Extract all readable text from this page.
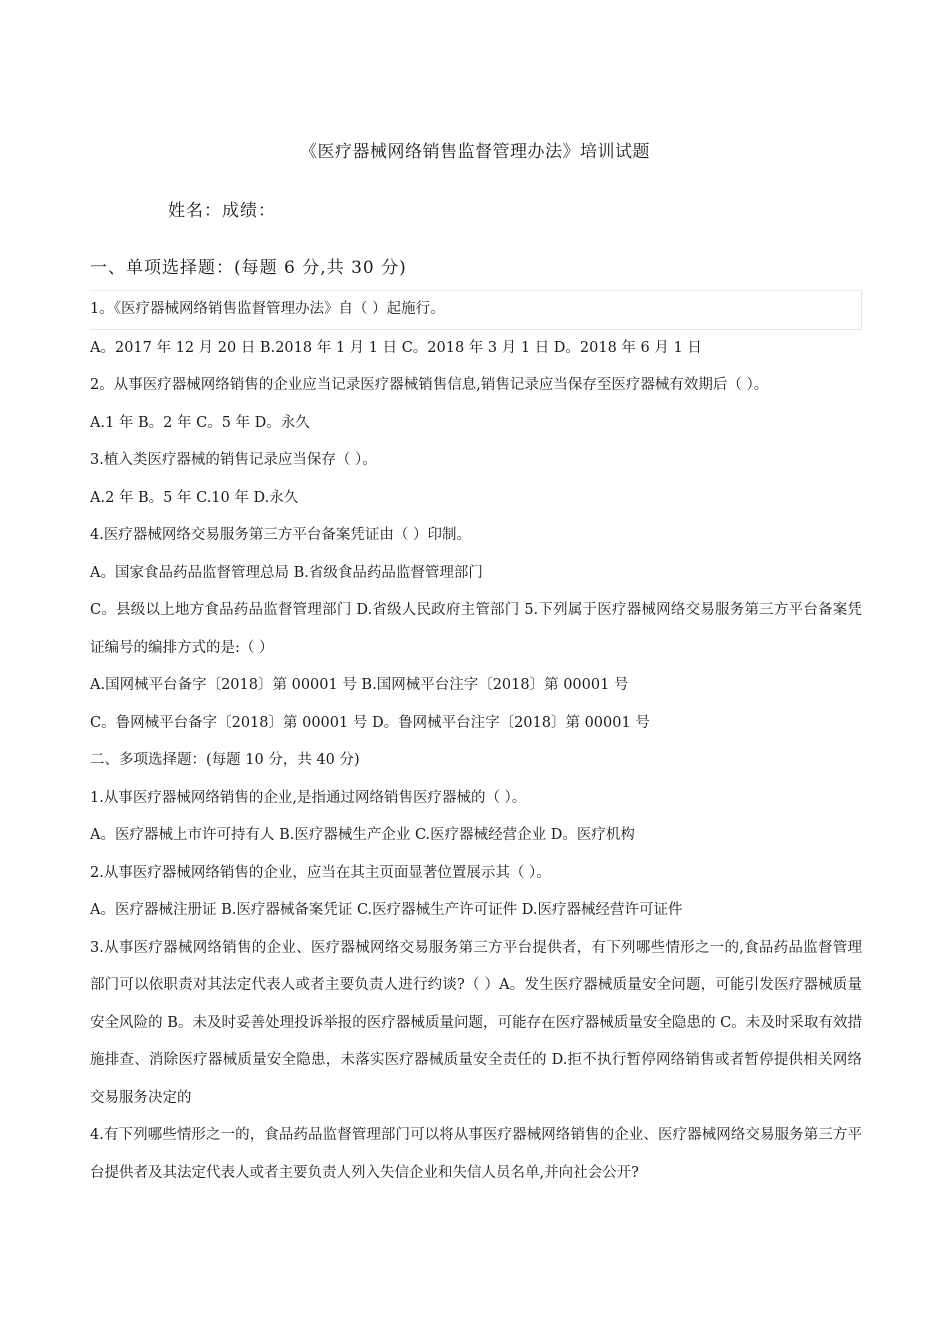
《医疗器械网络销售监督管理办法》培训试题
姓名：成绩：
一、单项选择题：(每题 6 分,共 30 分)

1。《医疗器械网络销售监督管理办法》自（ ）起施行。

A。2017 年 12 月 20 日 B.2018 年 1 月 1 日 C。2018 年 3 月 1 日 D。2018 年 6 月 1 日

2。从事医疗器械网络销售的企业应当记录医疗器械销售信息,销售记录应当保存至医疗器械有效期后（ ）。

A.1 年 B。2 年 C。5 年 D。永久

3.植入类医疗器械的销售记录应当保存（ ）。

A.2 年 B。5 年 C.10 年 D.永久

4.医疗器械网络交易服务第三方平台备案凭证由（ ）印制。

A。国家食品药品监督管理总局 B.省级食品药品监督管理部门

C。县级以上地方食品药品监督管理部门 D.省级人民政府主管部门 5.下列属于医疗器械网络交易服务第三方平台备案凭证编号的编排方式的是:（ ）

A.国网械平台备字〔2018〕第 00001 号 B.国网械平台注字〔2018〕第 00001 号

C。鲁网械平台备字〔2018〕第 00001 号 D。鲁网械平台注字〔2018〕第 00001 号

二、多项选择题：(每题 10 分，共 40 分)

1.从事医疗器械网络销售的企业,是指通过网络销售医疗器械的（ ）。

A。医疗器械上市许可持有人 B.医疗器械生产企业 C.医疗器械经营企业 D。医疗机构

2.从事医疗器械网络销售的企业，应当在其主页面显著位置展示其（ ）。

A。医疗器械注册证 B.医疗器械备案凭证 C.医疗器械生产许可证件 D.医疗器械经营许可证件

3.从事医疗器械网络销售的企业、医疗器械网络交易服务第三方平台提供者，有下列哪些情形之一的,食品药品监督管理部门可以依职责对其法定代表人或者主要负责人进行约谈?（ ）A。发生医疗器械质量安全问题，可能引发医疗器械质量安全风险的 B。未及时妥善处理投诉举报的医疗器械质量问题，可能存在医疗器械质量安全隐患的 C。未及时采取有效措施排查、消除医疗器械质量安全隐患，未落实医疗器械质量安全责任的 D.拒不执行暂停网络销售或者暂停提供相关网络交易服务决定的

4.有下列哪些情形之一的，食品药品监督管理部门可以将从事医疗器械网络销售的企业、医疗器械网络交易服务第三方平台提供者及其法定代表人或者主要负责人列入失信企业和失信人员名单,并向社会公开?
